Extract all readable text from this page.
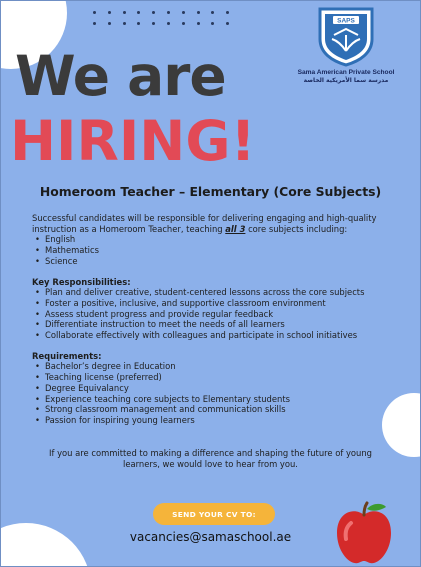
SAPS
Sama American Private School
مدرسة سما الأمريكية الخاصة
We are
HIRING!
Homeroom Teacher – Elementary (Core Subjects)

Successful candidates will be responsible for delivering engaging and high-quality instruction as a Homeroom Teacher, teaching all 3 core subjects including:

• English
• Mathematics
• Science
Key Responsibilities:
• Plan and deliver creative, student-centered lessons across the core subjects
• Foster a positive, inclusive, and supportive classroom environment
• Assess student progress and provide regular feedback
• Differentiate instruction to meet the needs of all learners
• Collaborate effectively with colleagues and participate in school initiatives
Requirements:
• Bachelor’s degree in Education
• Teaching license (preferred)
• Degree Equivalancy
• Experience teaching core subjects to Elementary students
• Strong classroom management and communication skills
• Passion for inspiring young learners
If you are committed to making a difference and shaping the future of young learners, we would love to hear from you.
SEND YOUR CV TO:
vacancies@samaschool.ae
